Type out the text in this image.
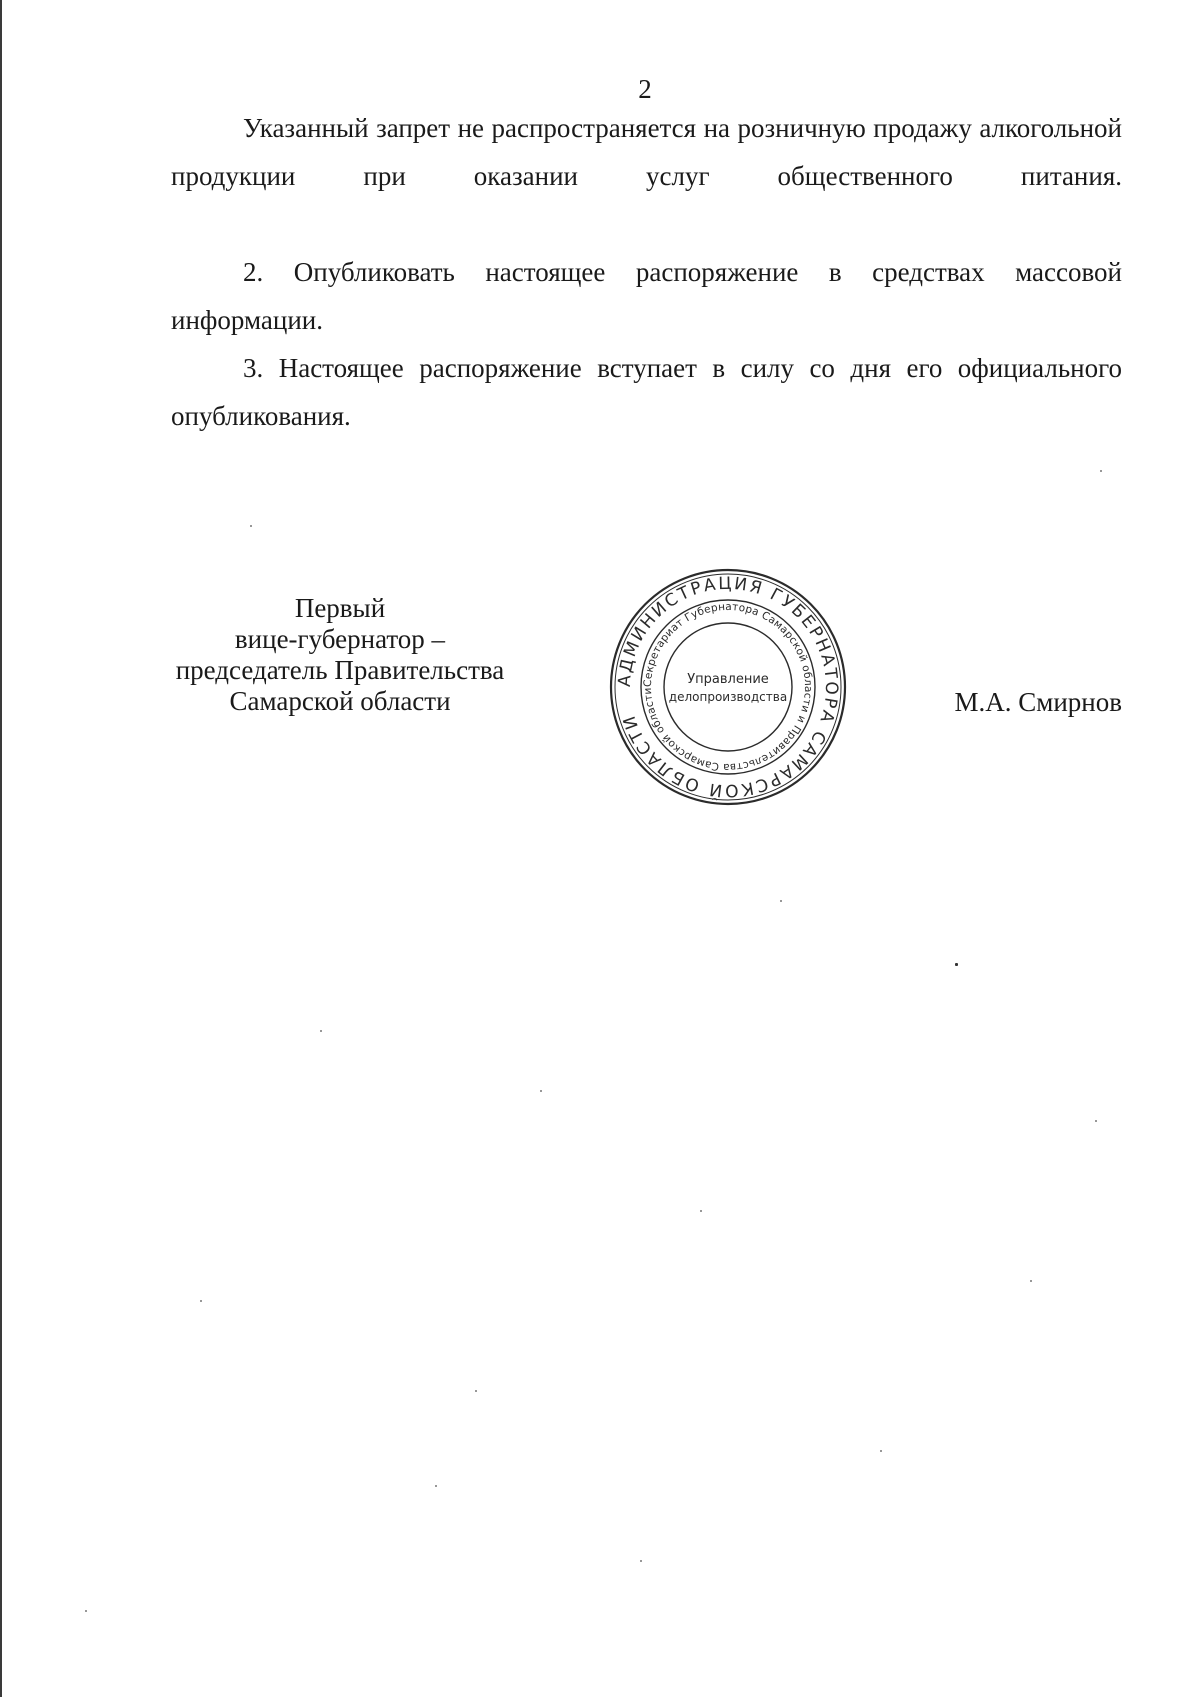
2

Указанный запрет не распространяется на розничную продажу алкогольной продукции при оказании услуг общественного питания.

2. Опубликовать настоящее распоряжение в средствах массовой информации.

3. Настоящее распоряжение вступает в силу со дня его официального опубликования.

Первый
вице-губернатор –
председатель Правительства
Самарской области
АДМИНИСТРАЦИЯ ГУБЕРНАТОРА САМАРСКОЙ ОБЛАСТИ
Секретариат Губернатора Самарской области и Правительства Самарской области
Управление
делопроизводства	М.А. Смирнов
